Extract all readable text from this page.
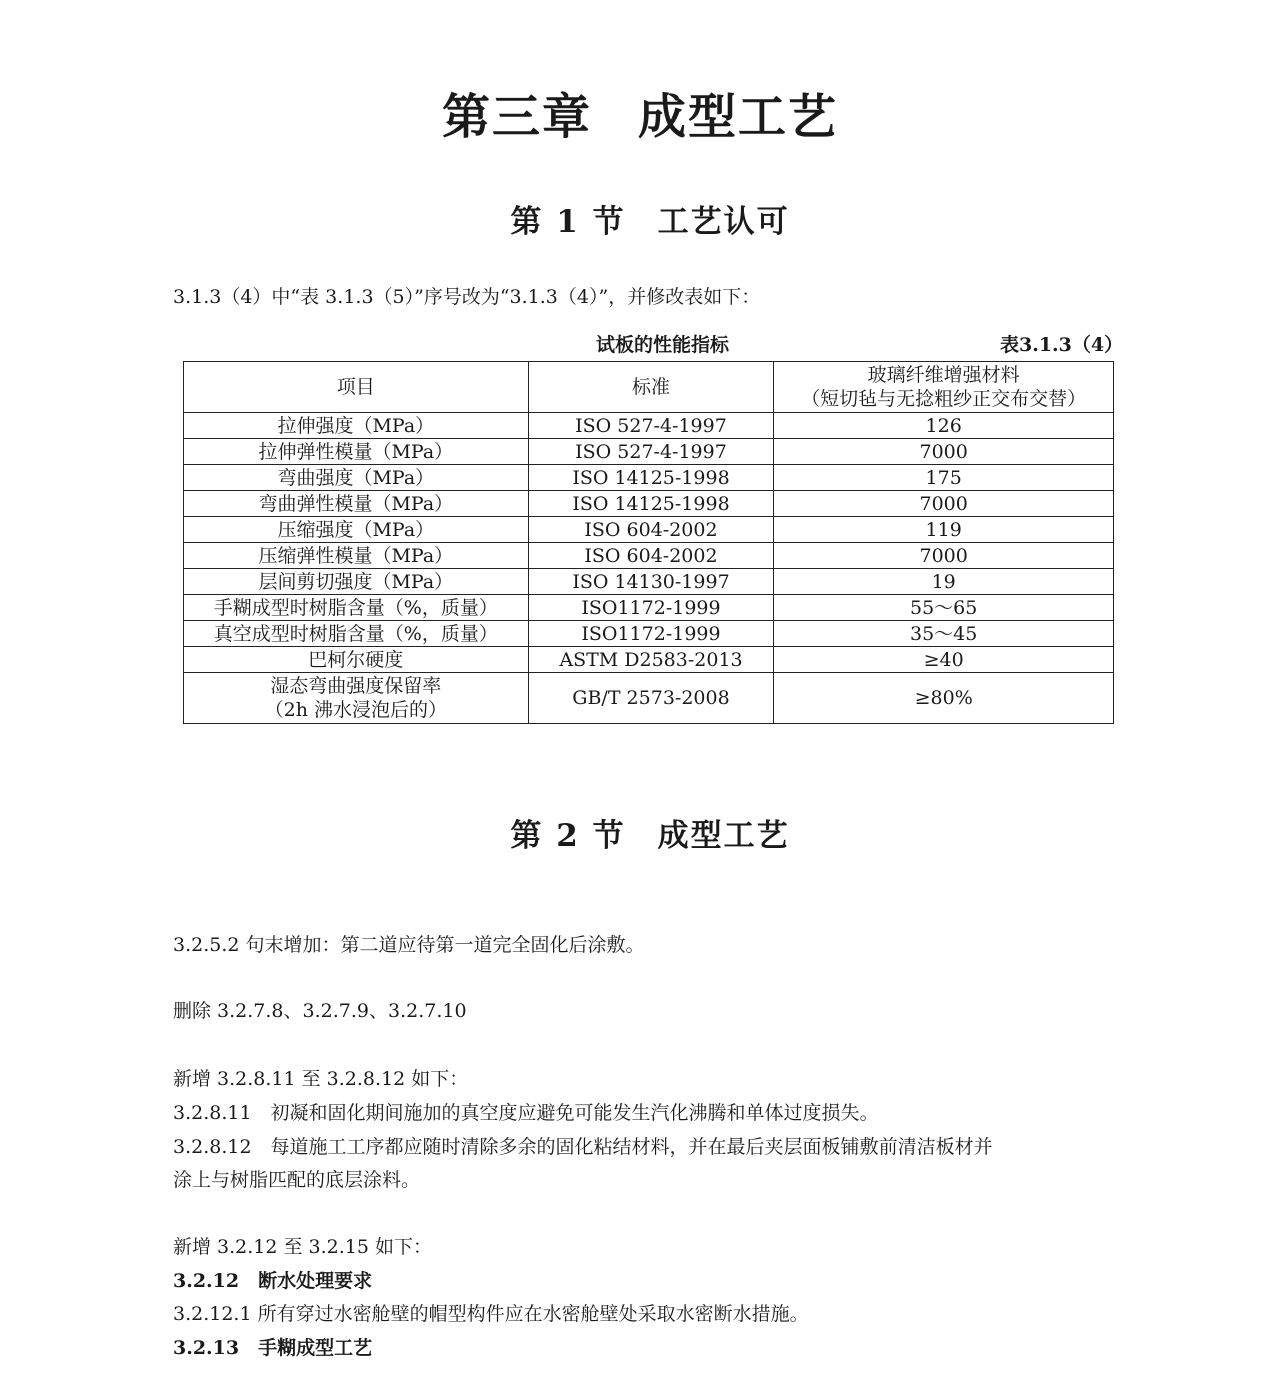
第三章 成型工艺
第 1 节 工艺认可
3.1.3（4）中“表 3.1.3（5）”序号改为“3.1.3（4）”，并修改表如下：
试板的性能指标	表3.1.3（4）
项目	标准	玻璃纤维增强材料
（短切毡与无捻粗纱正交布交替）

拉伸强度（MPa）	ISO 527-4-1997	126
拉伸弹性模量（MPa）	ISO 527-4-1997	7000
弯曲强度（MPa）	ISO 14125-1998	175
弯曲弹性模量（MPa）	ISO 14125-1998	7000
压缩强度（MPa）	ISO 604-2002	119
压缩弹性模量（MPa）	ISO 604-2002	7000
层间剪切强度（MPa）	ISO 14130-1997	19
手糊成型时树脂含量（%，质量）	ISO1172-1999	55～65
真空成型时树脂含量（%，质量）	ISO1172-1999	35～45
巴柯尔硬度	ASTM D2583-2013	≥40

湿态弯曲强度保留率
（2h 沸水浸泡后的）	GB/T 2573-2008	≥80%
第 2 节 成型工艺
3.2.5.2 句末增加：第二道应待第一道完全固化后涂敷。
删除 3.2.7.8、3.2.7.9、3.2.7.10
新增 3.2.8.11 至 3.2.8.12 如下：
3.2.8.11　初凝和固化期间施加的真空度应避免可能发生汽化沸腾和单体过度损失。
3.2.8.12　每道施工工序都应随时清除多余的固化粘结材料，并在最后夹层面板铺敷前清洁板材并
涂上与树脂匹配的底层涂料。
新增 3.2.12 至 3.2.15 如下：
3.2.12　断水处理要求
3.2.12.1 所有穿过水密舱壁的帽型构件应在水密舱壁处采取水密断水措施。
3.2.13　手糊成型工艺
